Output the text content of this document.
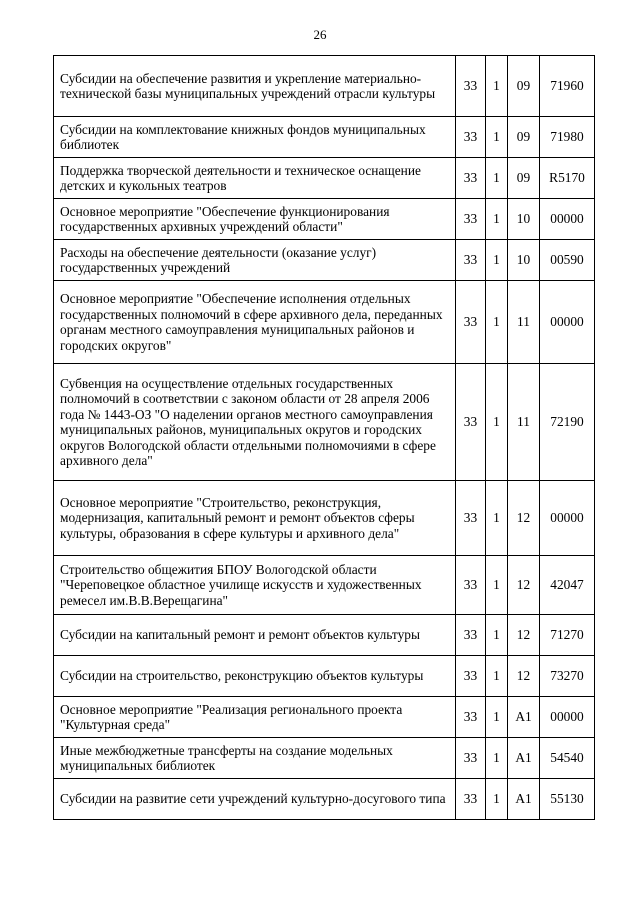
26
Субсидии на обеспечение развития и укрепление материально-технической базы муниципальных учреждений отрасли культуры	33	1	09	71960
Субсидии на комплектование книжных фондов муниципальных библиотек	33	1	09	71980
Поддержка творческой деятельности и техническое оснащение детских и кукольных театров	33	1	09	R5170
Основное мероприятие "Обеспечение функционирования государственных архивных учреждений области"	33	1	10	00000
Расходы на обеспечение деятельности (оказание услуг) государственных учреждений	33	1	10	00590
Основное мероприятие "Обеспечение исполнения отдельных государственных полномочий в сфере архивного дела, переданных органам местного самоуправления муниципальных районов и городских округов"	33	1	11	00000
Субвенция на осуществление отдельных государственных полномочий в соответствии с законом области от 28 апреля 2006 года № 1443-ОЗ "О наделении органов местного самоуправления муниципальных районов, муниципальных округов и городских округов Вологодской области отдельными полномочиями в сфере архивного дела"	33	1	11	72190
Основное мероприятие "Строительство, реконструкция, модернизация, капитальный ремонт и ремонт объектов сферы культуры, образования в сфере культуры и архивного дела"	33	1	12	00000
Строительство общежития БПОУ Вологодской области "Череповецкое областное училище искусств и художественных ремесел им.В.В.Верещагина"	33	1	12	42047
Субсидии на капитальный ремонт и ремонт объектов культуры	33	1	12	71270
Субсидии на строительство, реконструкцию объектов культуры	33	1	12	73270
Основное мероприятие "Реализация регионального проекта "Культурная среда"	33	1	А1	00000
Иные межбюджетные трансферты на создание модельных муниципальных библиотек	33	1	А1	54540
Субсидии на развитие сети учреждений культурно-досугового типа	33	1	А1	55130
